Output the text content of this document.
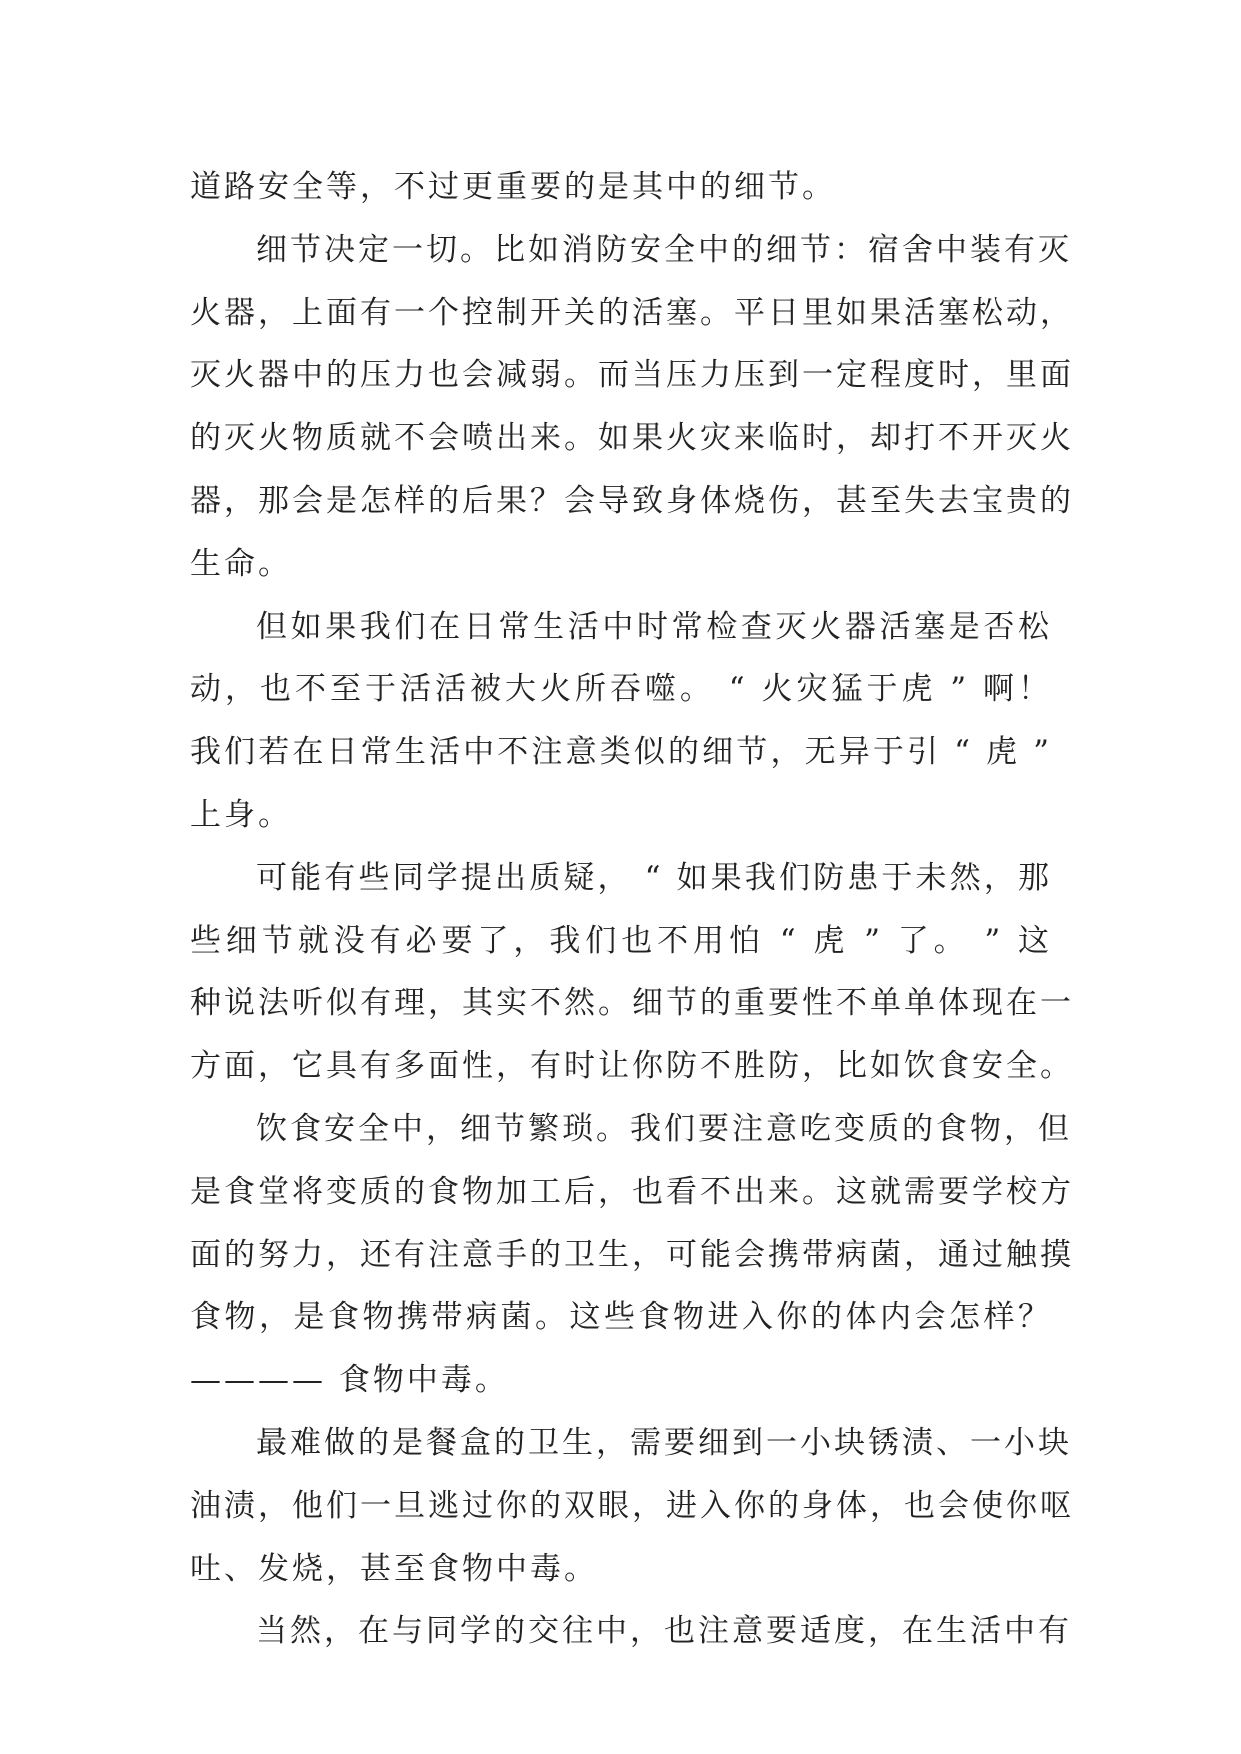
道路安全等，不过更重要的是其中的细节。
细节决定一切。比如消防安全中的细节：宿舍中装有灭
火器，上面有一个控制开关的活塞。平日里如果活塞松动，
灭火器中的压力也会减弱。而当压力压到一定程度时，里面
的灭火物质就不会喷出来。如果火灾来临时，却打不开灭火
器，那会是怎样的后果？会导致身体烧伤，甚至失去宝贵的
生命。
但如果我们在日常生活中时常检查灭火器活塞是否松
动，也不至于活活被大火所吞噬。 “ 火灾猛于虎 ” 啊！
我们若在日常生活中不注意类似的细节，无异于引 “ 虎 ”
上身。
可能有些同学提出质疑， “ 如果我们防患于未然，那
些细节就没有必要了，我们也不用怕 “ 虎 ” 了。 ” 这
种说法听似有理，其实不然。细节的重要性不单单体现在一
方面，它具有多面性，有时让你防不胜防，比如饮食安全。
饮食安全中，细节繁琐。我们要注意吃变质的食物，但
是食堂将变质的食物加工后，也看不出来。这就需要学校方
面的努力，还有注意手的卫生，可能会携带病菌，通过触摸
食物，是食物携带病菌。这些食物进入你的体内会怎样？
———— 食物中毒。
最难做的是餐盒的卫生，需要细到一小块锈渍、一小块
油渍，他们一旦逃过你的双眼，进入你的身体，也会使你呕
吐、发烧，甚至食物中毒。
当然，在与同学的交往中，也注意要适度，在生活中有
